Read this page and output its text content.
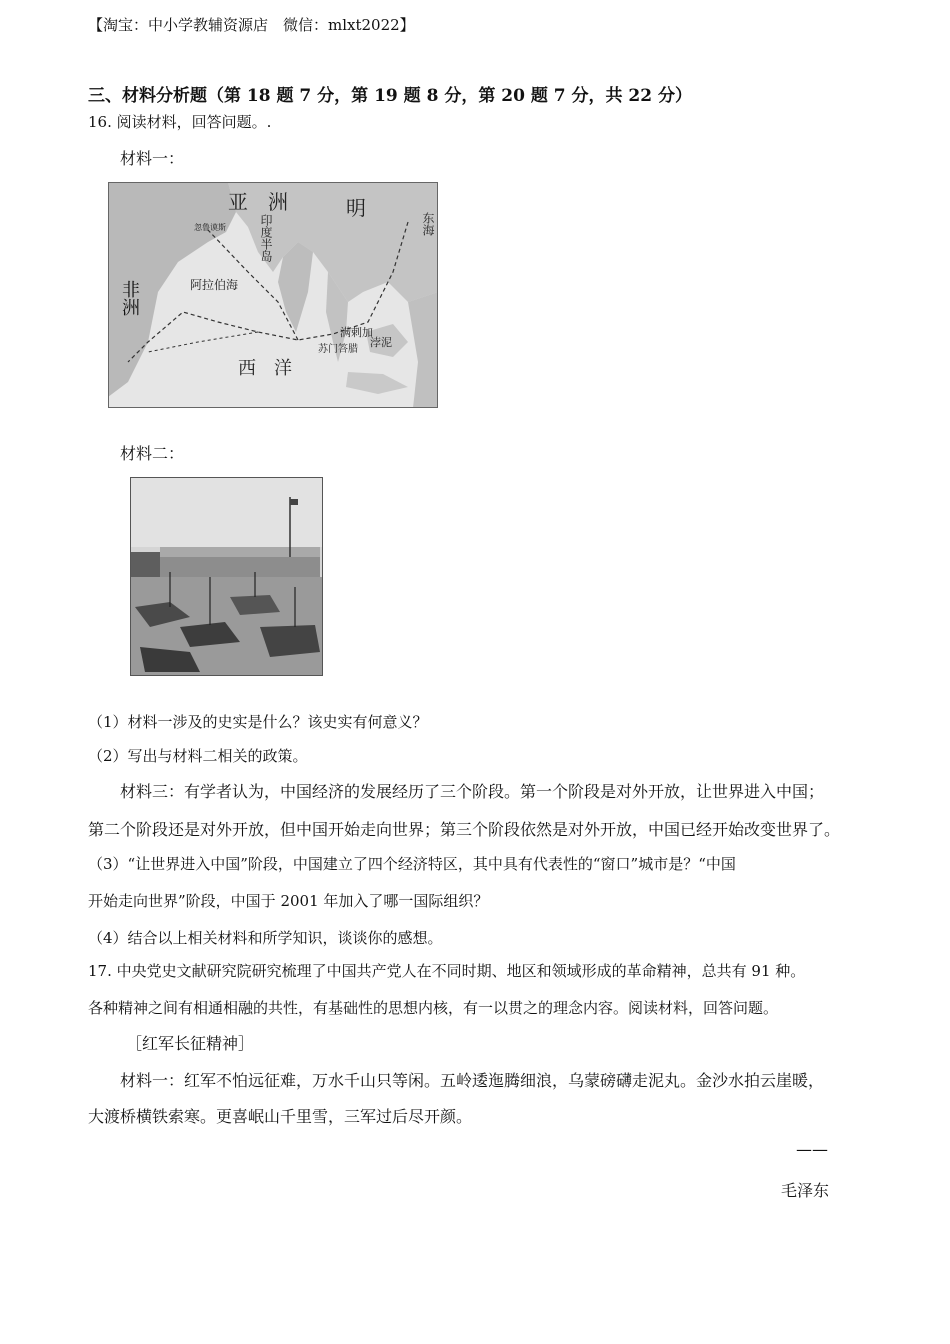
【淘宝：中小学教辅资源店　微信：mlxt2022】
三、材料分析题（第 18 题 7 分，第 19 题 8 分，第 20 题 7 分，共 22 分）
16. 阅读材料，回答问题。.
材料一：
亚　洲	明
印度半岛
非洲	阿拉伯海
西　洋
满剌加
苏门答腊
浡泥
东海
忽鲁谟斯
材料二：
（1）材料一涉及的史实是什么？该史实有何意义？
（2）写出与材料二相关的政策。
材料三：有学者认为，中国经济的发展经历了三个阶段。第一个阶段是对外开放，让世界进入中国；
第二个阶段还是对外开放，但中国开始走向世界；第三个阶段依然是对外开放，中国已经开始改变世界了。
（3）“让世界进入中国”阶段，中国建立了四个经济特区，其中具有代表性的“窗口”城市是？“中国
开始走向世界”阶段，中国于 2001 年加入了哪一国际组织？
（4）结合以上相关材料和所学知识，谈谈你的感想。
17. 中央党史文献研究院研究梳理了中国共产党人在不同时期、地区和领域形成的革命精神，总共有 91 种。
各种精神之间有相通相融的共性，有基础性的思想内核，有一以贯之的理念内容。阅读材料，回答问题。
［红军长征精神］
材料一：红军不怕远征难，万水千山只等闲。五岭逶迤腾细浪，乌蒙磅礴走泥丸。金沙水拍云崖暖，
大渡桥横铁索寒。更喜岷山千里雪，三军过后尽开颜。
——
毛泽东
